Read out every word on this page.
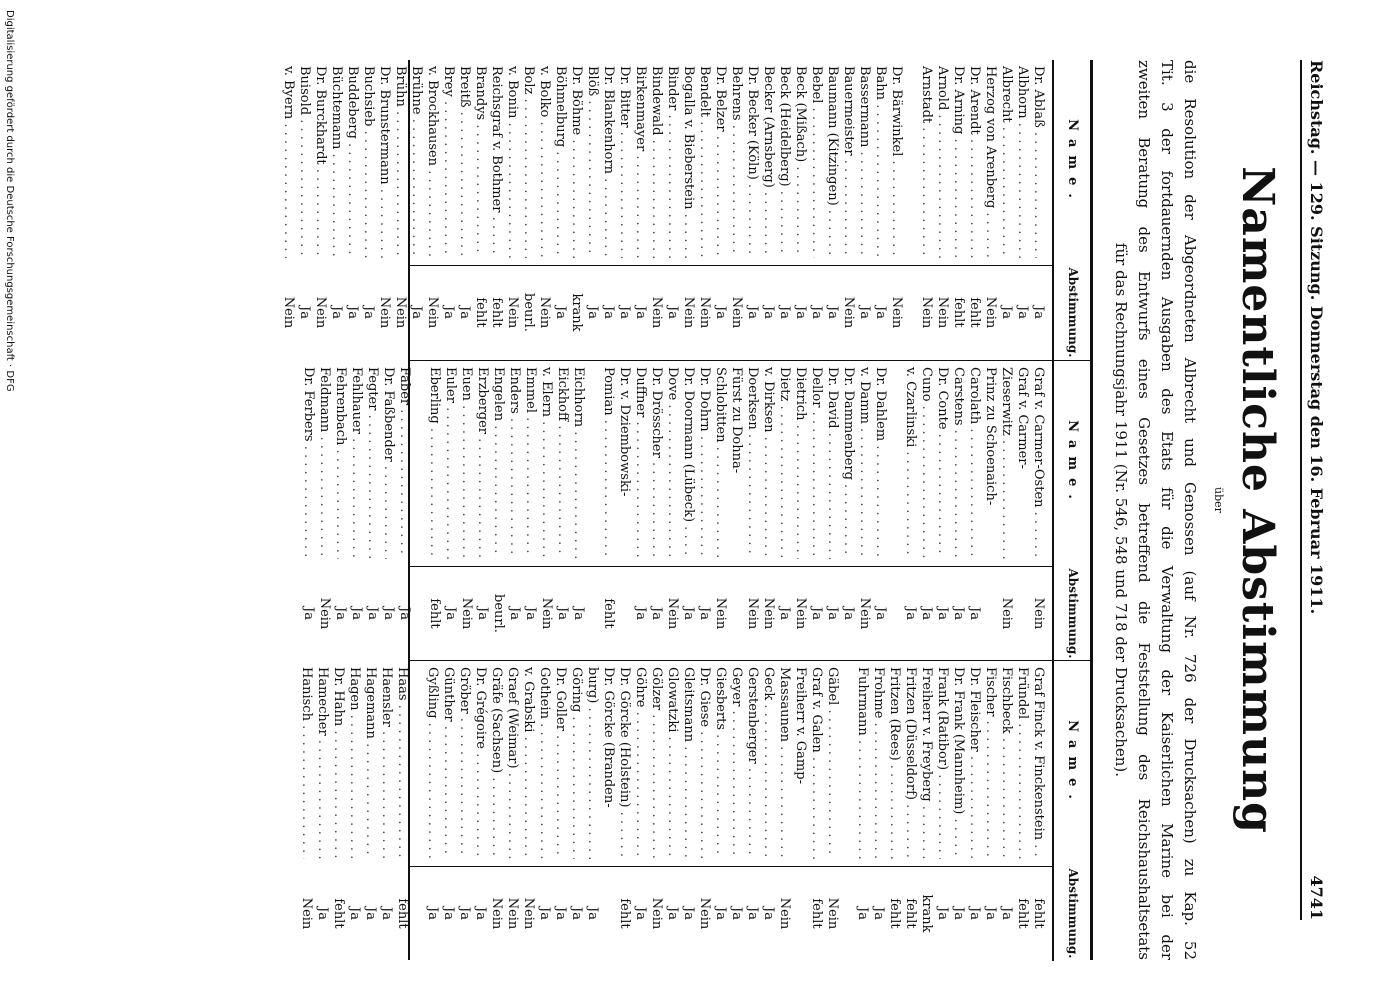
Reichstag. — 129. Sitzung. Donnerstag den 16. Februar 1911.
4741
Namentliche Abstimmung
über
die Resolution der Abgeordneten Albrecht und Genossen (auf Nr. 726 der Drucksachen) zu Kap. 52
Tit. 3 der fortdauernden Ausgaben des Etats für die Verwaltung der Kaiserlichen Marine bei der
zweiten Beratung des Entwurfs eines Gesetzes betreffend die Feststellung des Reichshaushaltsetats
für das Rechnungsjahr 1911 (Nr. 546, 548 und 718 der Drucksachen).
Name.
Abstimmung.
Dr. Ablaß . . .
Ja
Albhorn . . .
Ja
Albrecht . . .
Ja
Herzog von Arenberg . . .
Nein
Dr. Arendt . . .
fehlt
Dr. Arning . . .
fehlt
Arnold . . .
Nein
Arnstadt . . .
Nein
Dr. Bärwinkel . . .
Nein
Bahn . . .
Ja
Bassermann . . .
Ja
Bauermeister . . .
Nein
Baumann (Kitzingen) . . .
Ja
Bebel . . .
Ja
Beck (Mißach) . . .
Ja
Beck (Heidelberg) . . .
Ja
Becker (Arnsberg) . . .
Ja
Dr. Becker (Köln) . . .
Ja
Behrens . . .
Nein
Dr. Belzer . . .
Ja
Bendelt . . .
Nein
Bogalla v. Bieberstein . . .
Nein
Binder . . .
Ja
Bindewald . . .
Nein
Birkenmayer . . .
Ja
Dr. Bitter . . .
Ja
Dr. Blankenhorn . . .
Ja
Blöß . . .
Ja
Dr. Böhme . . .
krank
Böhmelburg . . .
Ja
v. Bolko . . .
Nein
Bolz . . .
beurl.
v. Bonin . . .
Nein
Reichsgraf v. Bothmer . . .
fehlt
Brandys . . .
fehlt
Breitß . . .
Ja
Brey . . .
Ja
v. Brockhausen . . .
Nein
Brühne . . .
Ja
Brühn . . .
Nein
Dr. Brunstermann . . .
Nein
Buchsieb . . .
Ja
Buddeberg . . .
Ja
Büchtemann . . .
Ja
Dr. Burckhardt . . .
Nein
Buisold . . .
Ja
v. Byern . . .
Nein
Name.
Abstimmung.
Graf v. Carmer-Osten . . .
Nein
Graf v. Carmer-
Zieserwitz . . .
Nein
Prinz zu Schoenaich-
Carolath . . .
Ja
Carstens . . .
Ja
Dr. Conte . . .
Ja
Cuno . . .
Ja
v. Czarlinski . . .
Ja
Dr. Dahlem . . .
Ja
v. Damm . . .
Nein
Dr. Dammenberg . . .
Ja
Dr. David . . .
Ja
Dellor . . .
Ja
Dietrich . . .
Nein
Dietz . . .
Ja
v. Dirksen . . .
Nein
Doerksen . . .
Nein
Fürst zu Dohna-
Schlobitten . . .
Nein
Dr. Dohrn . . .
Ja
Dr. Doormann (Lübeck) . . .
Ja
Dove . . .
Nein
Dr. Drösscher . . .
Ja
Duffner . . .
Ja
Dr. v. Dziembowski-
Pomian . . .
fehlt
Eichhorn . . .
Ja
Eickhoff . . .
Ja
v. Elern . . .
Nein
Emmel . . .
Ja
Enders . . .
Ja
Engelen . . .
beurl.
Erzberger . . .
Ja
Euen . . .
Nein
Euler . . .
Ja
Eberling . . .
fehlt
Faber . . .
Ja
Dr. Faßbender . . .
Ja
Fegter . . .
Ja
Fehlhauer . . .
Ja
Fehrenbach . . .
Ja
Feldmann . . .
Nein
Dr. Ferbers . . .
Ja
Name.
Abstimmung.
Graf Finck v. Finckenstein . . .
fehlt
Fründel . . .
fehlt
Fischbeck . . .
Ja
Fischer . . .
Ja
Dr. Fleischer . . .
Ja
Dr. Frank (Mannheim) . . .
Ja
Frank (Ratibor) . . .
Ja
Freiherr v. Freyberg . . .
krank
Fritzen (Düsseldorf) . . .
fehlt
Fritzen (Rees) . . .
fehlt
Frohme . . .
Ja
Fuhrmann . . .
Ja
Gäbel . . .
Nein
Graf v. Galen . . .
fehlt
Freiherr v. Gamp-
Massaunen . . .
Nein
Geck . . .
Ja
Gerstenberger . . .
Ja
Geyer . . .
Ja
Giesberts . . .
Ja
Dr. Giese . . .
Nein
Gleitsmann . . .
Ja
Glowatzki . . .
Ja
Gölzer . . .
Nein
Göhre . . .
Ja
Dr. Görcke (Holstein) . . .
fehlt
Dr. Görcke (Branden-
burg) . . .
Ja
Göring . . .
Ja
Dr. Goller . . .
Ja
Gothein . . .
Ja
v. Grabski . . .
Nein
Graef (Weimar) . . .
Nein
Gräfe (Sachsen) . . .
Nein
Dr. Grégoire . . .
Ja
Gröber . . .
Ja
Günther . . .
Ja
Gyßling . . .
Ja
Haas . . .
fehlt
Haensler . . .
Ja
Hagemann . . .
Ja
Hagen . . .
Ja
Dr. Hahn . . .
fehlt
Hamecher . . .
Ja
Hanisch . . .
Nein
Digitalisierung gefördert durch die Deutsche Forschungsgemeinschaft · DFG
